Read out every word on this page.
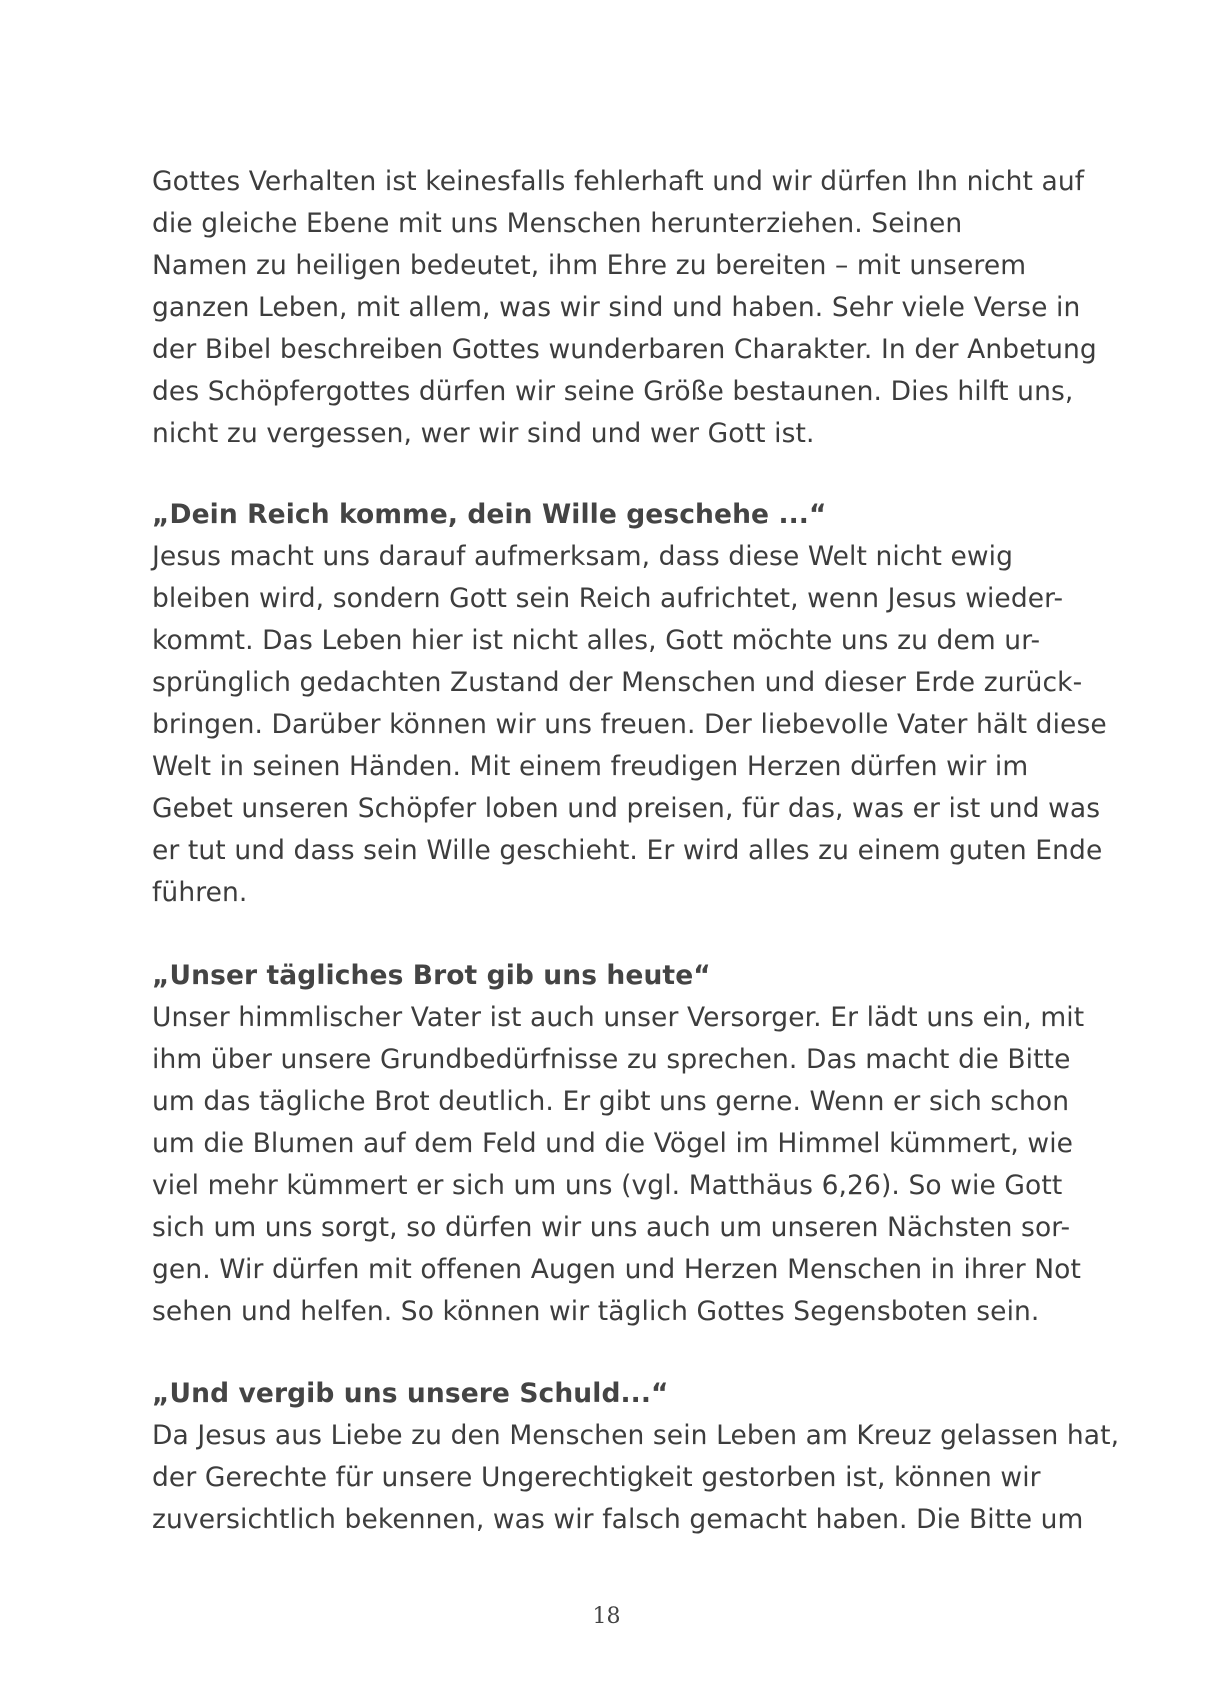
Gottes Verhalten ist keinesfalls fehlerhaft und wir dürfen Ihn nicht auf
die gleiche Ebene mit uns Menschen herunterziehen. Seinen
Namen zu heiligen bedeutet, ihm Ehre zu bereiten – mit unserem
ganzen Leben, mit allem, was wir sind und haben. Sehr viele Verse in
der Bibel beschreiben Gottes wunderbaren Charakter. In der Anbetung
des Schöpfergottes dürfen wir seine Größe bestaunen. Dies hilft uns,
nicht zu vergessen, wer wir sind und wer Gott ist.
„Dein Reich komme, dein Wille geschehe ...“
Jesus macht uns darauf aufmerksam, dass diese Welt nicht ewig
bleiben wird, sondern Gott sein Reich aufrichtet, wenn Jesus wieder-
kommt. Das Leben hier ist nicht alles, Gott möchte uns zu dem ur-
sprünglich gedachten Zustand der Menschen und dieser Erde zurück-
bringen. Darüber können wir uns freuen. Der liebevolle Vater hält diese
Welt in seinen Händen. Mit einem freudigen Herzen dürfen wir im
Gebet unseren Schöpfer loben und preisen, für das, was er ist und was
er tut und dass sein Wille geschieht. Er wird alles zu einem guten Ende
führen.
„Unser tägliches Brot gib uns heute“
Unser himmlischer Vater ist auch unser Versorger. Er lädt uns ein, mit
ihm über unsere Grundbedürfnisse zu sprechen. Das macht die Bitte
um das tägliche Brot deutlich. Er gibt uns gerne. Wenn er sich schon
um die Blumen auf dem Feld und die Vögel im Himmel kümmert, wie
viel mehr kümmert er sich um uns (vgl. Matthäus 6,26). So wie Gott
sich um uns sorgt, so dürfen wir uns auch um unseren Nächsten sor-
gen. Wir dürfen mit offenen Augen und Herzen Menschen in ihrer Not
sehen und helfen. So können wir täglich Gottes Segensboten sein.
„Und vergib uns unsere Schuld...“
Da Jesus aus Liebe zu den Menschen sein Leben am Kreuz gelassen hat,
der Gerechte für unsere Ungerechtigkeit gestorben ist, können wir
zuversichtlich bekennen, was wir falsch gemacht haben. Die Bitte um
18
